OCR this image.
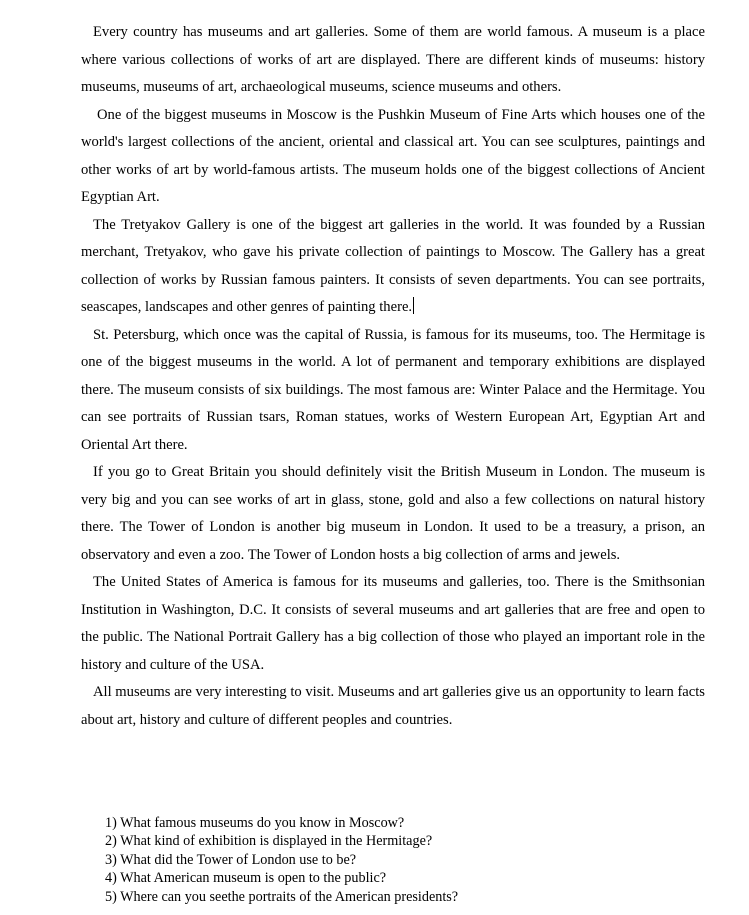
Every country has museums and art galleries. Some of them are world famous. A museum is a place where various collections of works of art are displayed. There are different kinds of museums: history museums, museums of art, archaeological museums, science museums and others.

One of the biggest museums in Moscow is the Pushkin Museum of Fine Arts which houses one of the world's largest collections of the ancient, oriental and classical art. You can see sculptures, paintings and other works of art by world-famous artists. The museum holds one of the biggest collections of Ancient Egyptian Art.

The Tretyakov Gallery is one of the biggest art galleries in the world. It was founded by a Russian merchant, Tretyakov, who gave his private collection of paintings to Moscow. The Gallery has a great collection of works by Russian famous painters. It consists of seven departments. You can see portraits, seascapes, landscapes and other genres of painting there.

St. Petersburg, which once was the capital of Russia, is famous for its museums, too. The Hermitage is one of the biggest museums in the world. A lot of permanent and temporary exhibitions are displayed there. The museum consists of six buildings. The most famous are: Winter Palace and the Hermitage. You can see portraits of Russian tsars, Roman statues, works of Western European Art, Egyptian Art and Oriental Art there.

If you go to Great Britain you should definitely visit the British Museum in London. The museum is very big and you can see works of art in glass, stone, gold and also a few collections on natural history there. The Tower of London is another big museum in London. It used to be a treasury, a prison, an observatory and even a zoo. The Tower of London hosts a big collection of arms and jewels.

The United States of America is famous for its museums and galleries, too. There is the Smithsonian Institution in Washington, D.C. It consists of several museums and art galleries that are free and open to the public. The National Portrait Gallery has a big collection of those who played an important role in the history and culture of the USA.

All museums are very interesting to visit. Museums and art galleries give us an opportunity to learn facts about art, history and culture of different peoples and countries.

1) What famous museums do you know in Moscow?
2) What kind of exhibition is displayed in the Hermitage?
3) What did the Tower of London use to be?
4) What American museum is open to the public?
5) Where can you seethe portraits of the American presidents?
